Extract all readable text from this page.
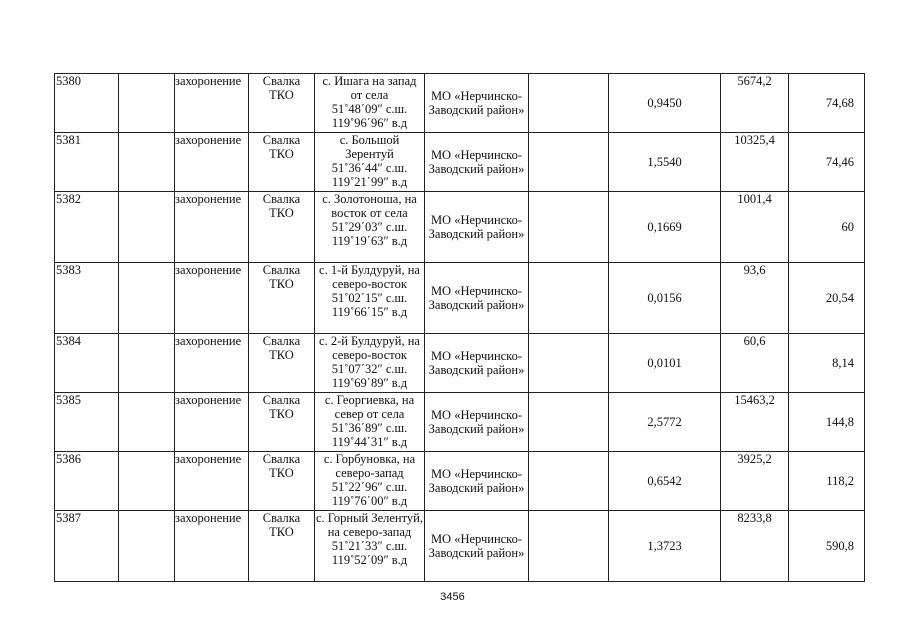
5380		захоронение	Свалка
ТКО	с. Ишага на запад
от села
51˚48΄09″ с.ш.
119˚96΄96″ в.д	МО «Нерчинско-
Заводский район»		0,9450	5674,2	74,68	
5381		захоронение	Свалка
ТКО	с. Большой
Зерентуй
51˚36΄44″ с.ш.
119˚21΄99″ в.д	МО «Нерчинско-
Заводский район»		1,5540	10325,4	74,46	
5382		захоронение	Свалка
ТКО	с. Золотоноша, на
восток от села
51˚29΄03″ с.ш.
119˚19΄63″ в.д	МО «Нерчинско-
Заводский район»		0,1669	1001,4	60	
5383		захоронение	Свалка
ТКО	с. 1-й Булдуруй, на
северо-восток
51˚02΄15″ с.ш.
119˚66΄15″ в.д	МО «Нерчинско-
Заводский район»		0,0156	93,6	20,54	
5384		захоронение	Свалка
ТКО	с. 2-й Булдуруй, на
северо-восток
51˚07΄32″ с.ш.
119˚69΄89″ в.д	МО «Нерчинско-
Заводский район»		0,0101	60,6	8,14	
5385		захоронение	Свалка
ТКО	с. Георгиевка, на
север от села
51˚36΄89″ с.ш.
119˚44΄31″ в.д	МО «Нерчинско-
Заводский район»		2,5772	15463,2	144,8	
5386		захоронение	Свалка
ТКО	с. Горбуновка, на
северо-запад
51˚22΄96″ с.ш.
119˚76΄00″ в.д	МО «Нерчинско-
Заводский район»		0,6542	3925,2	118,2	
5387		захоронение	Свалка
ТКО	с. Горный Зелентуй,
на северо-запад
51˚21΄33″ с.ш.
119˚52΄09″ в.д	МО «Нерчинско-
Заводский район»		1,3723	8233,8	590,8	
3456
